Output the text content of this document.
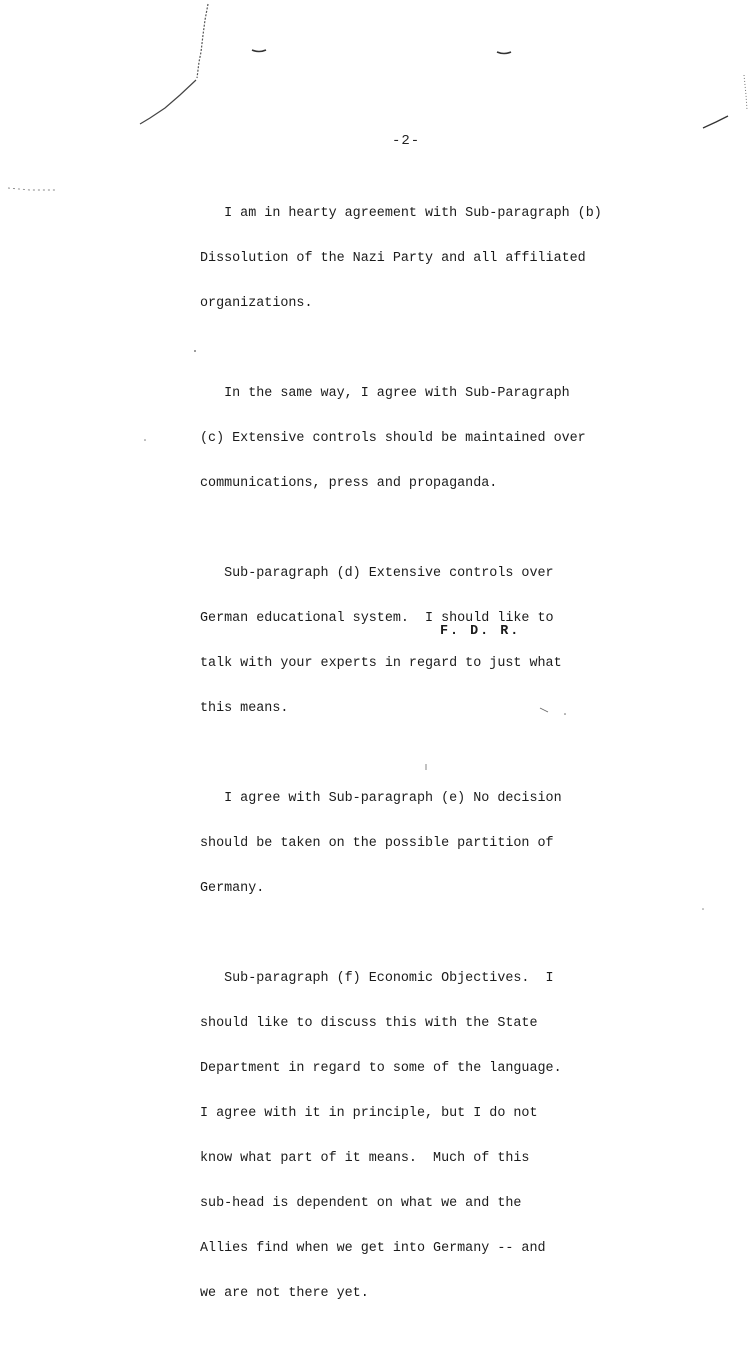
-2-

I am in hearty agreement with Sub-paragraph (b)

Dissolution of the Nazi Party and all affiliated

organizations.

In the same way, I agree with Sub-Paragraph

(c) Extensive controls should be maintained over

communications, press and propaganda.

Sub-paragraph (d) Extensive controls over

German educational system.  I should like to

talk with your experts in regard to just what

this means.

I agree with Sub-paragraph (e) No decision

should be taken on the possible partition of

Germany.

Sub-paragraph (f) Economic Objectives.  I

should like to discuss this with the State

Department in regard to some of the language.

I agree with it in principle, but I do not

know what part of it means.  Much of this

sub-head is dependent on what we and the

Allies find when we get into Germany -- and

we are not there yet.

F. D. R.
